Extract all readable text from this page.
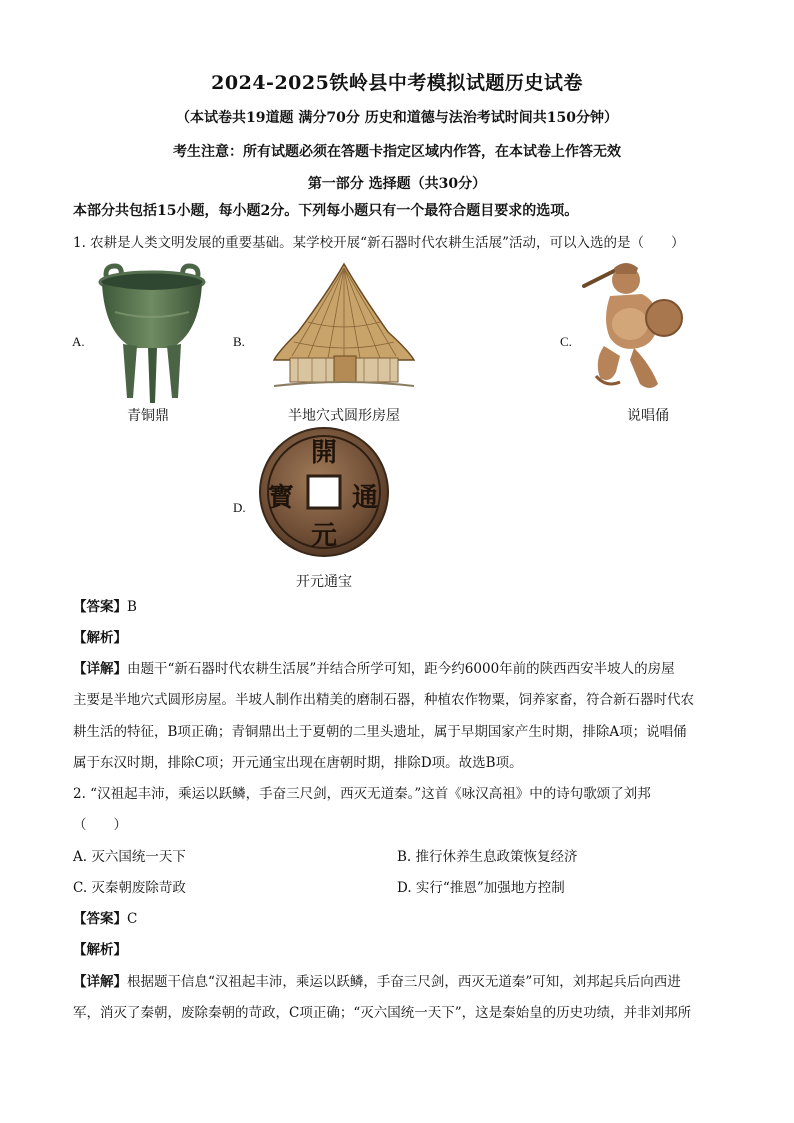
2024-2025铁岭县中考模拟试题历史试卷
（本试卷共19道题 满分70分 历史和道德与法治考试时间共150分钟）
考生注意：所有试题必须在答题卡指定区域内作答，在本试卷上作答无效
第一部分 选择题（共30分）
本部分共包括15小题，每小题2分。下列每小题只有一个最符合题目要求的选项。
1. 农耕是人类文明发展的重要基础。某学校开展“新石器时代农耕生活展”活动，可以入选的是（　　）
A.
青铜鼎
B.
半地穴式圆形房屋
C.
说唱俑
D.
開
通
元
寳
开元通宝
【答案】B
【解析】
【详解】由题干“新石器时代农耕生活展”并结合所学可知，距今约6000年前的陕西西安半坡人的房屋
主要是半地穴式圆形房屋。半坡人制作出精美的磨制石器，种植农作物粟，饲养家畜，符合新石器时代农
耕生活的特征，B项正确；青铜鼎出土于夏朝的二里头遗址，属于早期国家产生时期，排除A项；说唱俑
属于东汉时期，排除C项；开元通宝出现在唐朝时期，排除D项。故选B项。
2. “汉祖起丰沛，乘运以跃鳞，手奋三尺剑，西灭无道秦。”这首《咏汉高祖》中的诗句歌颂了刘邦
（　　）
A. 灭六国统一天下	B. 推行休养生息政策恢复经济
C. 灭秦朝废除苛政	D. 实行“推恩”加强地方控制
【答案】C
【解析】
【详解】根据题干信息“汉祖起丰沛，乘运以跃鳞，手奋三尺剑，西灭无道秦”可知，刘邦起兵后向西进
军，消灭了秦朝，废除秦朝的苛政，C项正确；“灭六国统一天下”，这是秦始皇的历史功绩，并非刘邦所
